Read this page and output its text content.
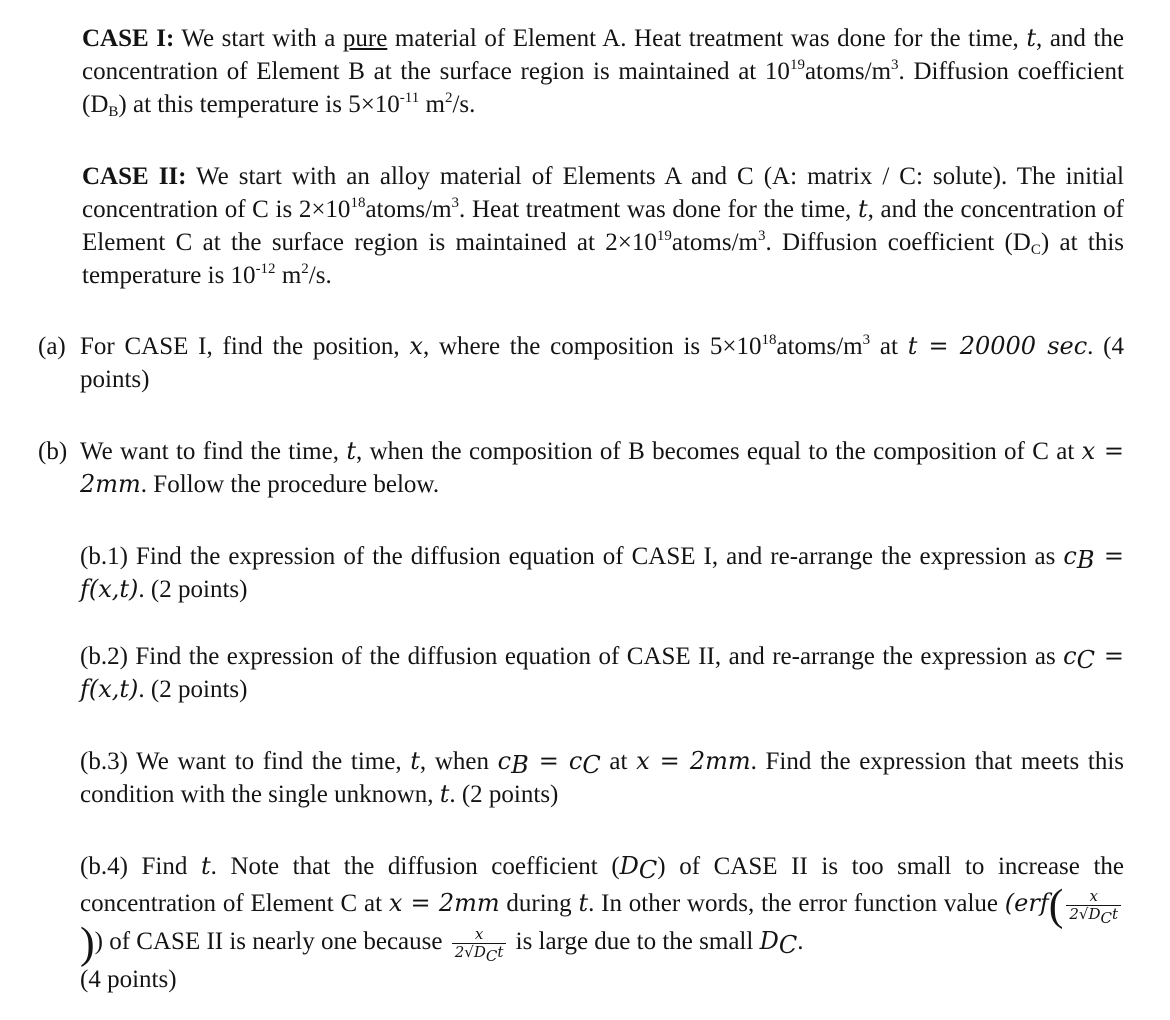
CASE I: We start with a pure material of Element A. Heat treatment was done for the time, t, and the concentration of Element B at the surface region is maintained at $10^{19}atoms/m^3$. Diffusion coefficient $(D_B)$ at this temperature is $5\times 10^{-11}$ $m^2/s$.

CASE II: We start with an alloy material of Elements A and C (A: matrix / C: solute). The initial concentration of C is $2\times 10^{18}atoms/m^3$. Heat treatment was done for the time, t, and the concentration of Element C at the surface region is maintained at $2\times 10^{19}atoms/m^3$. Diffusion coefficient $(D_C)$ at this temperature is $10^{-12}$ $m^2/s$.

(a) For CASE I, find the position, x, where the composition is $5\times 10^{18}atoms/m^3$ at t = 20000 sec. (4 points)

(b) We want to find the time, t, when the composition of B becomes equal to the composition of C at x = 2mm. Follow the procedure below.

(b.1) Find the expression of the diffusion equation of CASE I, and re-arrange the expression as $c_B = f(x,t)$. (2 points)

(b.2) Find the expression of the diffusion equation of CASE II, and re-arrange the expression as $c_C = f(x,t)$. (2 points)

(b.3) We want to find the time, t, when $c_B = c_C$ at x = 2mm. Find the expression that meets this condition with the single unknown, t. (2 points)

(b.4) Find t. Note that the diffusion coefficient $(D_C)$ of CASE II is too small to increase the concentration of Element C at x = 2mm during t. In other words, the error function value ($erf( \frac{x}{2√D_Ct}$
)) of CASE II is nearly one because $\frac{x}{2√D_Ct}$ is large due to the small $D_C$.

(4 points)
